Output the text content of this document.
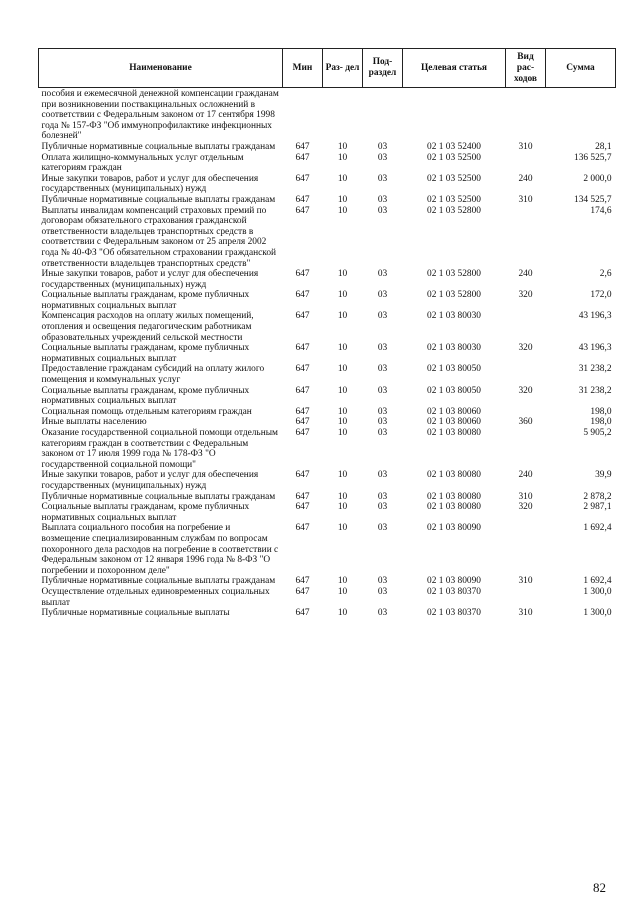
Наименование	Мин	Раз- дел	Под- раздел	Целевая статья	Вид рас- ходов	Сумма
пособия и ежемесячной денежной компенсации гражданам при возникновении поствакцинальных осложнений в соответствии с Федеральным законом от 17 сентября 1998 года № 157-ФЗ "Об иммунопрофилактике инфекционных болезней"						
Публичные нормативные социальные выплаты гражданам	647	10	03	02 1 03 52400	310	28,1
Оплата жилищно-коммунальных услуг отдельным категориям граждан	647	10	03	02 1 03 52500		136 525,7
Иные закупки товаров, работ и услуг для обеспечения государственных (муниципальных) нужд	647	10	03	02 1 03 52500	240	2 000,0
Публичные нормативные социальные выплаты гражданам	647	10	03	02 1 03 52500	310	134 525,7
Выплаты инвалидам компенсаций страховых премий по договорам обязательного страхования гражданской ответственности владельцев транспортных средств в соответствии с Федеральным законом от 25 апреля 2002 года № 40-ФЗ "Об обязательном страховании гражданской ответственности владельцев транспортных средств"	647	10	03	02 1 03 52800		174,6
Иные закупки товаров, работ и услуг для обеспечения государственных (муниципальных) нужд	647	10	03	02 1 03 52800	240	2,6
Социальные выплаты гражданам, кроме публичных нормативных социальных выплат	647	10	03	02 1 03 52800	320	172,0
Компенсация расходов на оплату жилых помещений, отопления и освещения педагогическим работникам образовательных учреждений сельской местности	647	10	03	02 1 03 80030		43 196,3
Социальные выплаты гражданам, кроме публичных нормативных социальных выплат	647	10	03	02 1 03 80030	320	43 196,3
Предоставление гражданам субсидий на оплату жилого помещения и коммунальных услуг	647	10	03	02 1 03 80050		31 238,2
Социальные выплаты гражданам, кроме публичных нормативных социальных выплат	647	10	03	02 1 03 80050	320	31 238,2
Социальная помощь отдельным категориям граждан	647	10	03	02 1 03 80060		198,0
Иные выплаты населению	647	10	03	02 1 03 80060	360	198,0
Оказание государственной социальной помощи отдельным категориям граждан в соответствии с Федеральным законом от 17 июля 1999 года № 178-ФЗ "О государственной социальной помощи"	647	10	03	02 1 03 80080		5 905,2
Иные закупки товаров, работ и услуг для обеспечения государственных (муниципальных) нужд	647	10	03	02 1 03 80080	240	39,9
Публичные нормативные социальные выплаты гражданам	647	10	03	02 1 03 80080	310	2 878,2
Социальные выплаты гражданам, кроме публичных нормативных социальных выплат	647	10	03	02 1 03 80080	320	2 987,1
Выплата социального пособия на погребение и возмещение специализированным службам по вопросам похоронного дела расходов на погребение в соответствии с Федеральным законом от 12 января 1996 года № 8-ФЗ "О погребении и похоронном деле"	647	10	03	02 1 03 80090		1 692,4
Публичные нормативные социальные выплаты гражданам	647	10	03	02 1 03 80090	310	1 692,4
Осуществление отдельных единовременных социальных выплат	647	10	03	02 1 03 80370		1 300,0
Публичные нормативные социальные выплаты	647	10	03	02 1 03 80370	310	1 300,0
82
